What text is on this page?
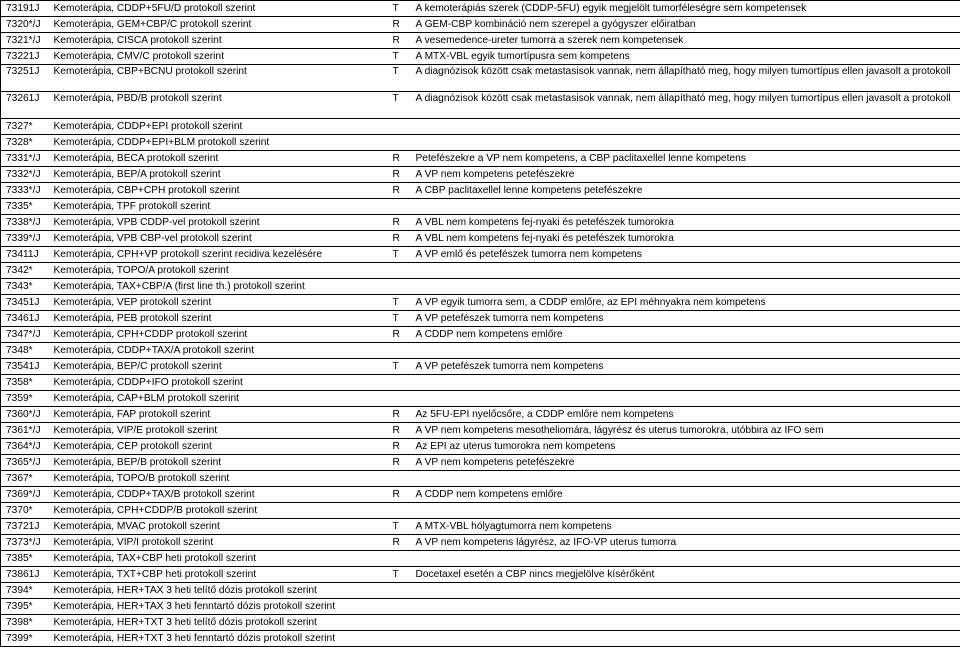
73191J	Kemoterápia, CDDP+5FU/D protokoll szerint	T	A kemoterápiás szerek (CDDP-5FU) egyik megjelölt tumorféleségre sem kompetensek
7320*/J	Kemoterápia, GEM+CBP/C protokoll szerint	R	A GEM-CBP kombináció nem szerepel a gyógyszer előiratban
7321*/J	Kemoterápia, CISCA protokoll szerint	R	A vesemedence-ureter tumorra a szerek nem kompetensek
73221J	Kemoterápia, CMV/C protokoll szerint	T	A MTX-VBL egyik tumortípusra sem kompetens
73251J	Kemoterápia, CBP+BCNU protokoll szerint	T	A diagnózisok között csak metastasisok vannak, nem állapítható meg, hogy milyen tumortípus ellen javasolt a protokoll
73261J	Kemoterápia, PBD/B protokoll szerint	T	A diagnózisok között csak metastasisok vannak, nem állapítható meg, hogy milyen tumortípus ellen javasolt a protokoll
7327*	Kemoterápia, CDDP+EPI protokoll szerint		
7328*	Kemoterápia, CDDP+EPI+BLM protokoll szerint		
7331*/J	Kemoterápia, BECA protokoll szerint	R	Petefészekre a VP nem kompetens, a CBP paclitaxellel lenne kompetens
7332*/J	Kemoterápia, BEP/A protokoll szerint	R	A VP nem kompetens petefészekre
7333*/J	Kemoterápia, CBP+CPH protokoll szerint	R	A CBP paclitaxellel lenne kompetens petefészekre
7335*	Kemoterápia, TPF protokoll szerint		
7338*/J	Kemoterápia, VPB CDDP-vel protokoll szerint	R	A VBL nem kompetens fej-nyaki és petefészek tumorokra
7339*/J	Kemoterápia, VPB CBP-vel protokoll szerint	R	A VBL nem kompetens fej-nyaki és petefészek tumorokra
73411J	Kemoterápia, CPH+VP protokoll szerint recidiva kezelésére	T	A VP emlő és petefészek tumorra nem kompetens
7342*	Kemoterápia, TOPO/A protokoll szerint		
7343*	Kemoterápia, TAX+CBP/A (first line th.) protokoll szerint		
73451J	Kemoterápia, VEP protokoll szerint	T	A VP egyik tumorra sem, a CDDP emlőre, az EPI méhnyakra nem kompetens
73461J	Kemoterápia, PEB protokoll szerint	T	A VP petefészek tumorra nem kompetens
7347*/J	Kemoterápia, CPH+CDDP protokoll szerint	R	A CDDP nem kompetens emlőre
7348*	Kemoterápia, CDDP+TAX/A protokoll szerint		
73541J	Kemoterápia, BEP/C protokoll szerint	T	A VP petefészek tumorra nem kompetens
7358*	Kemoterápia, CDDP+IFO protokoll szerint		
7359*	Kemoterápia, CAP+BLM protokoll szerint		
7360*/J	Kemoterápia, FAP protokoll szerint	R	Az 5FU-EPI nyelőcsőre, a CDDP emlőre nem kompetens
7361*/J	Kemoterápia, VIP/E protokoll szerint	R	A VP nem kompetens mesotheliomára, lágyrész és uterus tumorokra, utóbbira az IFO sem
7364*/J	Kemoterápia, CEP protokoll szerint	R	Az EPI az uterus tumorokra nem kompetens
7365*/J	Kemoterápia, BEP/B protokoll szerint	R	A VP nem kompetens petefészekre
7367*	Kemoterápia, TOPO/B protokoll szerint		
7369*/J	Kemoterápia, CDDP+TAX/B protokoll szerint	R	A CDDP nem kompetens emlőre
7370*	Kemoterápia, CPH+CDDP/B protokoll szerint		
73721J	Kemoterápia, MVAC protokoll szerint	T	A MTX-VBL hólyagtumorra nem kompetens
7373*/J	Kemoterápia, VIP/I protokoll szerint	R	A VP nem kompetens lágyrész, az IFO-VP uterus tumorra
7385*	Kemoterápia, TAX+CBP heti protokoll szerint		
73861J	Kemoterápia, TXT+CBP heti protokoll szerint	T	Docetaxel esetén a CBP nincs megjelölve kísérőként
7394*	Kemoterápia, HER+TAX 3 heti telítő dózis protokoll szerint		
7395*	Kemoterápia, HER+TAX 3 heti fenntartó dózis protokoll szerint		
7398*	Kemoterápia, HER+TXT 3 heti telítő dózis protokoll szerint		
7399*	Kemoterápia, HER+TXT 3 heti fenntartó dózis protokoll szerint		
